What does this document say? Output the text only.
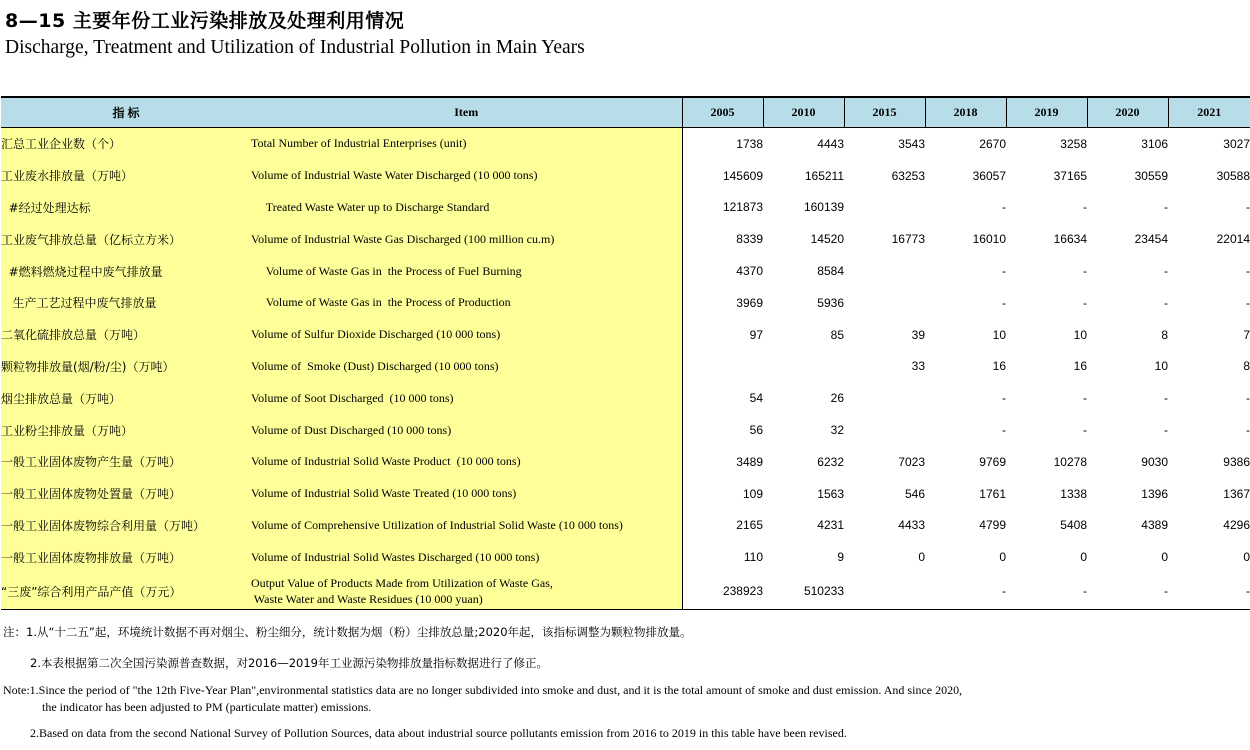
8—15 主要年份工业污染排放及处理利用情况
Discharge, Treatment and Utilization of Industrial Pollution in Main Years
指 标	Item	2005	2010	2015	2018	2019	2020	2021
汇总工业企业数（个）	Total Number of Industrial Enterprises (unit)	1738	4443	3543	2670	3258	3106	3027
工业废水排放量（万吨）	Volume of Industrial Waste Water Discharged (10 000 tons)	145609	165211	63253	36057	37165	30559	30588
#经过处理达标	Treated Waste Water up to Discharge Standard	121873	160139		-	-	-	-
工业废气排放总量（亿标立方米）	Volume of Industrial Waste Gas Discharged (100 million cu.m)	8339	14520	16773	16010	16634	23454	22014
#燃料燃烧过程中废气排放量	Volume of Waste Gas in  the Process of Fuel Burning	4370	8584		-	-	-	-
生产工艺过程中废气排放量	Volume of Waste Gas in  the Process of Production	3969	5936		-	-	-	-
二氧化硫排放总量（万吨）	Volume of Sulfur Dioxide Discharged (10 000 tons)	97	85	39	10	10	8	7
颗粒物排放量(烟/粉/尘)（万吨）	Volume of  Smoke (Dust) Discharged (10 000 tons)			33	16	16	10	8
烟尘排放总量（万吨）	Volume of Soot Discharged  (10 000 tons)	54	26		-	-	-	-
工业粉尘排放量（万吨）	Volume of Dust Discharged (10 000 tons)	56	32		-	-	-	-
一般工业固体废物产生量（万吨）	Volume of Industrial Solid Waste Product  (10 000 tons)	3489	6232	7023	9769	10278	9030	9386
一般工业固体废物处置量（万吨）	Volume of Industrial Solid Waste Treated (10 000 tons)	109	1563	546	1761	1338	1396	1367
一般工业固体废物综合利用量（万吨）	Volume of Comprehensive Utilization of Industrial Solid Waste (10 000 tons)	2165	4231	4433	4799	5408	4389	4296
一般工业固体废物排放量（万吨）	Volume of Industrial Solid Wastes Discharged (10 000 tons)	110	9	0	0	0	0	0
“三废”综合利用产品产值（万元）	Output Value of Products Made from Utilization of Waste Gas,
Waste Water and Waste Residues (10 000 yuan)	238923	510233		-	-	-	-
注：1.从“十二五”起，环境统计数据不再对烟尘、粉尘细分，统计数据为烟（粉）尘排放总量;2020年起，该指标调整为颗粒物排放量。
2.本表根据第二次全国污染源普查数据，对2016—2019年工业源污染物排放量指标数据进行了修正。
Note:1.Since the period of "the 12th Five-Year Plan",environmental statistics data are no longer subdivided into smoke and dust, and it is the total amount of smoke and dust emission. And since 2020,
the indicator has been adjusted to PM (particulate matter) emissions.
2.Based on data from the second National Survey of Pollution Sources, data about industrial source pollutants emission from 2016 to 2019 in this table have been revised.
